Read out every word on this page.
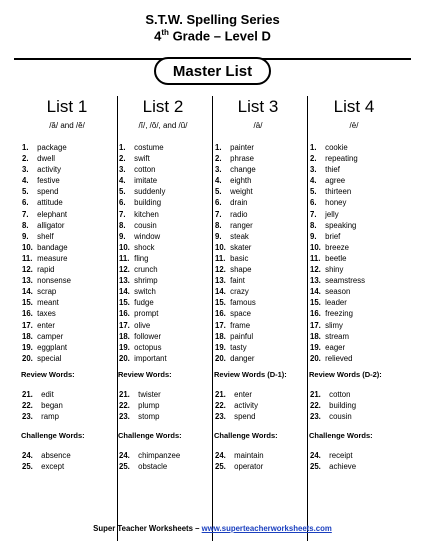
S.T.W. Spelling Series
4th Grade – Level D
Master List
List 1
/ă/ and /ĕ/
1. package
2. dwell
3. activity
4. festive
5. spend
6. attitude
7. elephant
8. alligator
9. shelf
10. bandage
11. measure
12. rapid
13. nonsense
14. scrap
15. meant
16. taxes
17. enter
18. camper
19. eggplant
20. special
Review Words:
21. edit
22. began
23. ramp
Challenge Words:
24. absence
25. except
List 2
/ĭ/, /ŏ/, and /ŭ/
1. costume
2. swift
3. cotton
4. imitate
5. suddenly
6. building
7. kitchen
8. cousin
9. window
10. shock
11. fling
12. crunch
13. shrimp
14. switch
15. fudge
16. prompt
17. olive
18. follower
19. octopus
20. important
Review Words:
21. twister
22. plump
23. stomp
Challenge Words:
24. chimpanzee
25. obstacle
List 3
/ā/
1. painter
2. phrase
3. change
4. eighth
5. weight
6. drain
7. radio
8. ranger
9. steak
10. skater
11. basic
12. shape
13. faint
14. crazy
15. famous
16. space
17. frame
18. painful
19. tasty
20. danger
Review Words (D-1):
21. enter
22. activity
23. spend
Challenge Words:
24. maintain
25. operator
List 4
/ē/
1. cookie
2. repeating
3. thief
4. agree
5. thirteen
6. honey
7. jelly
8. speaking
9. brief
10. breeze
11. beetle
12. shiny
13. seamstress
14. season
15. leader
16. freezing
17. slimy
18. stream
19. eager
20. relieved
Review Words (D-2):
21. cotton
22. building
23. cousin
Challenge Words:
24. receipt
25. achieve
Super Teacher Worksheets – www.superteacherworksheets.com
